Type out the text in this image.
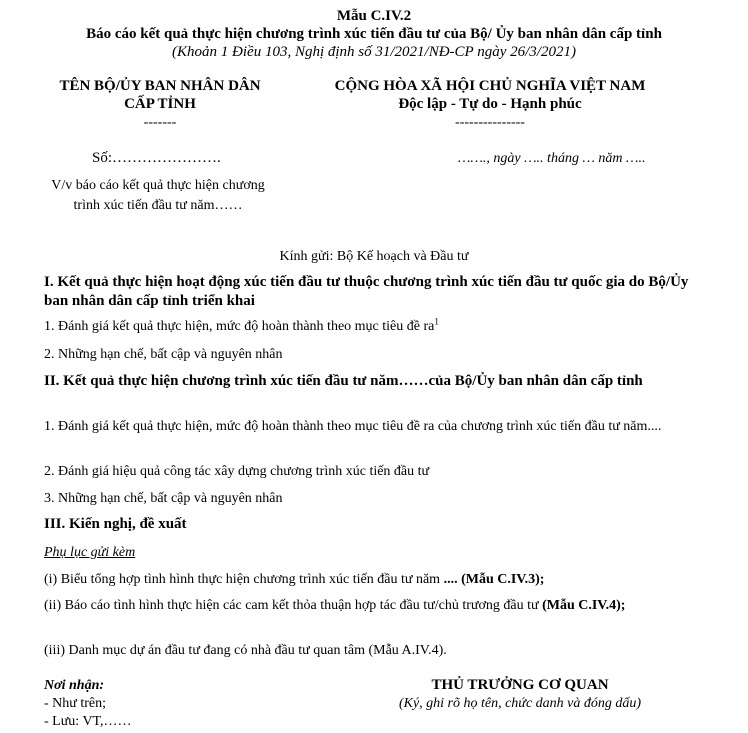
Mẫu C.IV.2
Báo cáo kết quả thực hiện chương trình xúc tiến đầu tư của Bộ/ Ủy ban nhân dân cấp tỉnh
(Khoản 1 Điều 103, Nghị định số 31/2021/NĐ-CP ngày 26/3/2021)
TÊN BỘ/ỦY BAN NHÂN DÂN
CẤP TỈNH
-------
Số:………………….
V/v báo cáo kết quả thực hiện chương trình xúc tiến đầu tư năm……
CỘNG HÒA XÃ HỘI CHỦ NGHĨA VIỆT NAM
Độc lập - Tự do - Hạnh phúc
---------------
……., ngày ….. tháng … năm …..
Kính gửi: Bộ Kế hoạch và Đầu tư
I. Kết quả thực hiện hoạt động xúc tiến đầu tư thuộc chương trình xúc tiến đầu tư quốc gia do Bộ/Ủy ban nhân dân cấp tỉnh triển khai
1. Đánh giá kết quả thực hiện, mức độ hoàn thành theo mục tiêu đề $ra^1$
2. Những hạn chế, bất cập và nguyên nhân
II. Kết quả thực hiện chương trình xúc tiến đầu tư năm……của Bộ/Ủy ban nhân dân cấp tỉnh
1. Đánh giá kết quả thực hiện, mức độ hoàn thành theo mục tiêu đề ra của chương trình xúc tiến đầu tư năm....
2. Đánh giá hiệu quả công tác xây dựng chương trình xúc tiến đầu tư
3. Những hạn chế, bất cập và nguyên nhân
III. Kiến nghị, đề xuất
Phụ lục gửi kèm
(i) Biểu tổng hợp tình hình thực hiện chương trình xúc tiến đầu tư năm .... (Mẫu C.IV.3);
(ii) Báo cáo tình hình thực hiện các cam kết thỏa thuận hợp tác đầu tư/chủ trương đầu tư (Mẫu C.IV.4);
(iii) Danh mục dự án đầu tư đang có nhà đầu tư quan tâm (Mẫu A.IV.4).
Nơi nhận:
- Như trên;
- Lưu: VT,……
THỦ TRƯỞNG CƠ QUAN
(Ký, ghi rõ họ tên, chức danh và đóng dấu)
